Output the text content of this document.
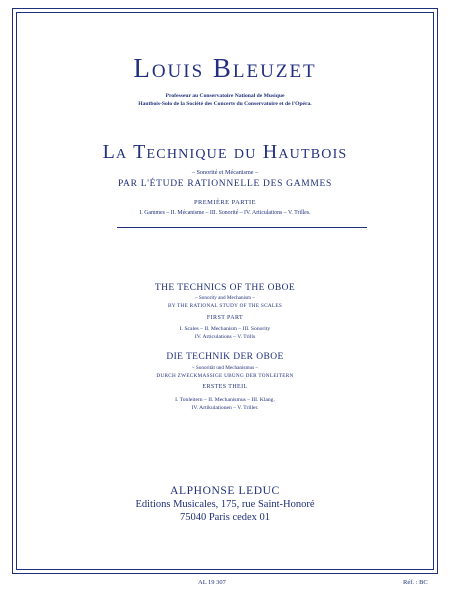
Louis Bleuzet
Professeur au Conservatoire National de Musique
Hautbois-Solo de la Société des Concerts du Conservatoire et de l'Opéra.
La Technique du Hautbois
– Sonorité et Mécanisme –
PAR L'ÉTUDE RATIONNELLE DES GAMMES
PREMIÈRE PARTIE
I. Gammes – II. Mécanisme – III. Sonorité – IV. Articulations – V. Trilles.
THE TECHNICS OF THE OBOE
– Sonority and Mechanism –
BY THE RATIONAL STUDY OF THE SCALES
FIRST PART
I. Scales – II. Mechanism – III. Sonority
IV. Articulations – V. Trills
DIE TECHNIK DER OBOE
– Sonorität und Mechanismus –
DURCH ZWECKMASSIGE UBUNG DER TONLEITERN
ERSTES THEIL
I. Tonleitern – II. Mechanismus – III. Klang.
IV. Artikulationen – V. Triller.
ALPHONSE LEDUC
Editions Musicales, 175, rue Saint-Honoré
75040 Paris cedex 01
AL 19 307	Réf. : BC
